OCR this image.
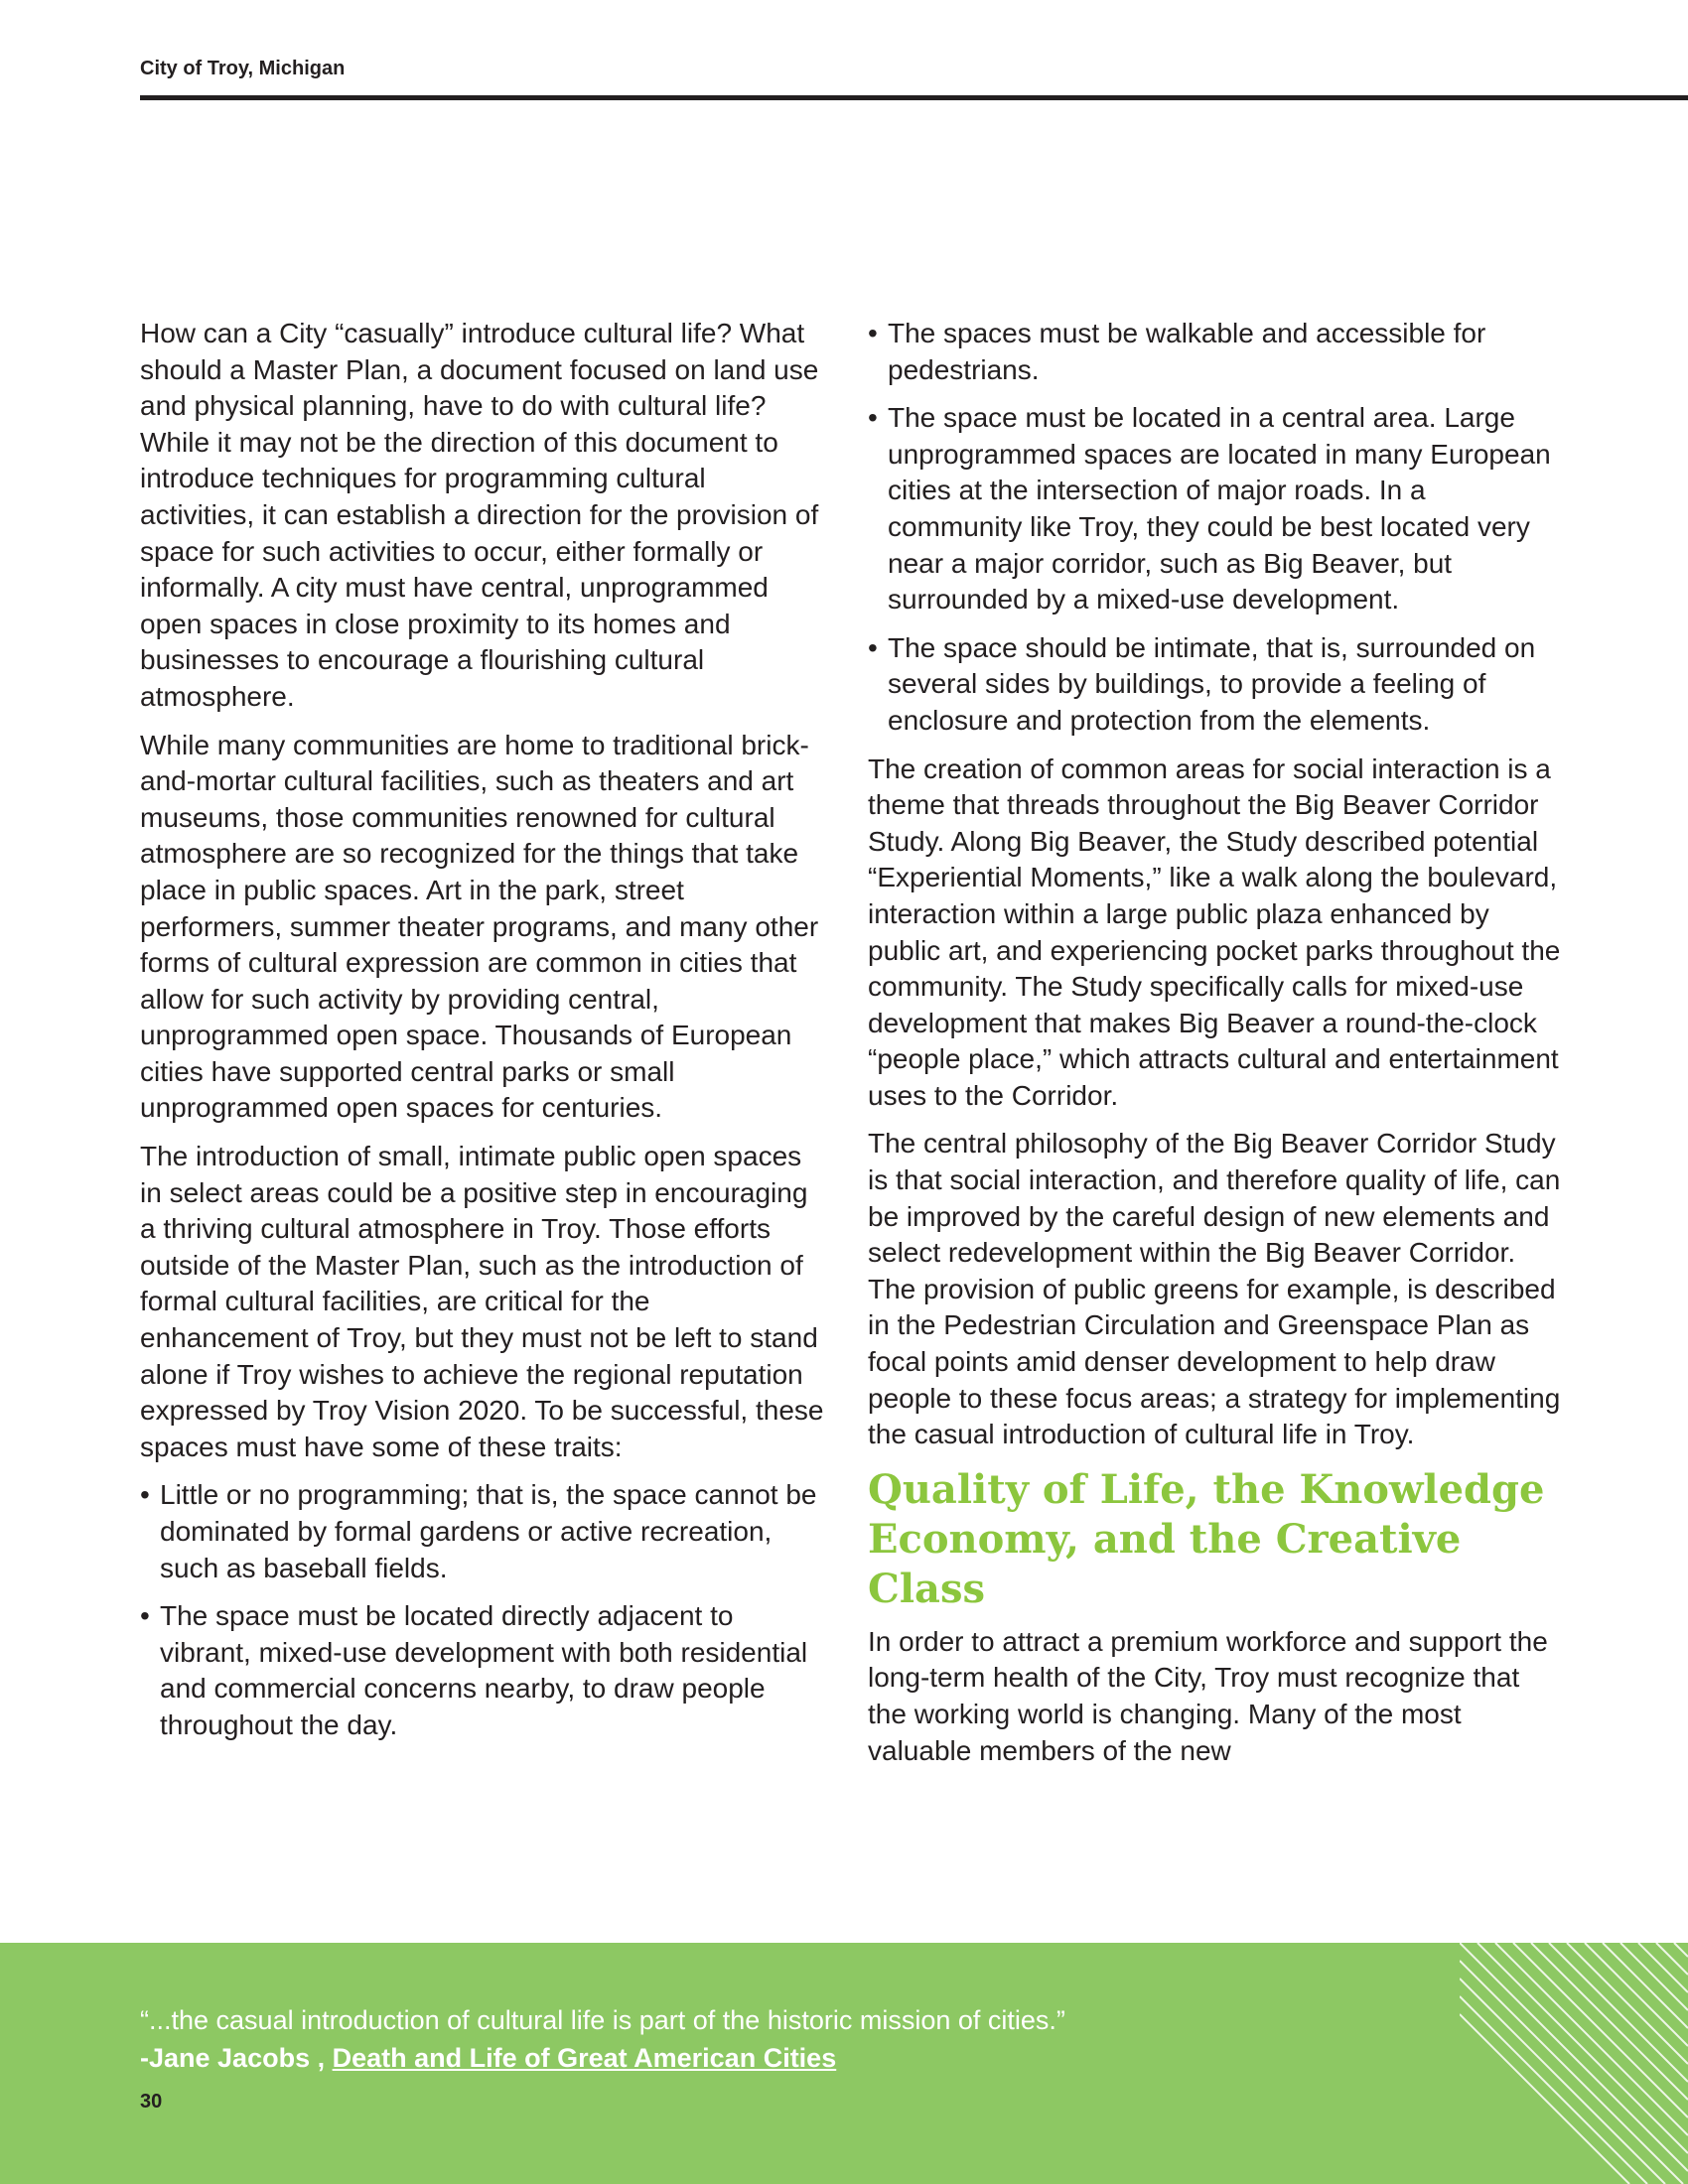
City of Troy, Michigan

How can a City “casually” introduce cultural life? What should a Master Plan, a document focused on land use and physical planning, have to do with cultural life? While it may not be the direction of this document to introduce techniques for programming cultural activities, it can establish a direction for the provision of space for such activities to occur, either formally or informally. A city must have central, unprogrammed open spaces in close proximity to its homes and businesses to encourage a flourishing cultural atmosphere.

While many communities are home to traditional brick-and-mortar cultural facilities, such as theaters and art museums, those communities renowned for cultural atmosphere are so recognized for the things that take place in public spaces. Art in the park, street performers, summer theater programs, and many other forms of cultural expression are common in cities that allow for such activity by providing central, unprogrammed open space. Thousands of European cities have supported central parks or small unprogrammed open spaces for centuries.

The introduction of small, intimate public open spaces in select areas could be a positive step in encouraging a thriving cultural atmosphere in Troy. Those efforts outside of the Master Plan, such as the introduction of formal cultural facilities, are critical for the enhancement of Troy, but they must not be left to stand alone if Troy wishes to achieve the regional reputation expressed by Troy Vision 2020. To be successful, these spaces must have some of these traits:

• Little or no programming; that is, the space cannot be dominated by formal gardens or active recreation, such as baseball fields.
• The space must be located directly adjacent to vibrant, mixed-use development with both residential and commercial concerns nearby, to draw people throughout the day.
• The spaces must be walkable and accessible for pedestrians.
• The space must be located in a central area. Large unprogrammed spaces are located in many European cities at the intersection of major roads. In a community like Troy, they could be best located very near a major corridor, such as Big Beaver, but surrounded by a mixed-use development.
• The space should be intimate, that is, surrounded on several sides by buildings, to provide a feeling of enclosure and protection from the elements.

The creation of common areas for social interaction is a theme that threads throughout the Big Beaver Corridor Study. Along Big Beaver, the Study described potential “Experiential Moments,” like a walk along the boulevard, interaction within a large public plaza enhanced by public art, and experiencing pocket parks throughout the community. The Study specifically calls for mixed-use development that makes Big Beaver a round-the-clock “people place,” which attracts cultural and entertainment uses to the Corridor.

The central philosophy of the Big Beaver Corridor Study is that social interaction, and therefore quality of life, can be improved by the careful design of new elements and select redevelopment within the Big Beaver Corridor. The provision of public greens for example, is described in the Pedestrian Circulation and Greenspace Plan as focal points amid denser development to help draw people to these focus areas; a strategy for implementing the casual introduction of cultural life in Troy.

Quality of Life, the Knowledge Economy, and the Creative Class

In order to attract a premium workforce and support the long-term health of the City, Troy must recognize that the working world is changing. Many of the most valuable members of the new

“...the casual introduction of cultural life is part of the historic mission of cities.”
-Jane Jacobs , Death and Life of Great American Cities
30
